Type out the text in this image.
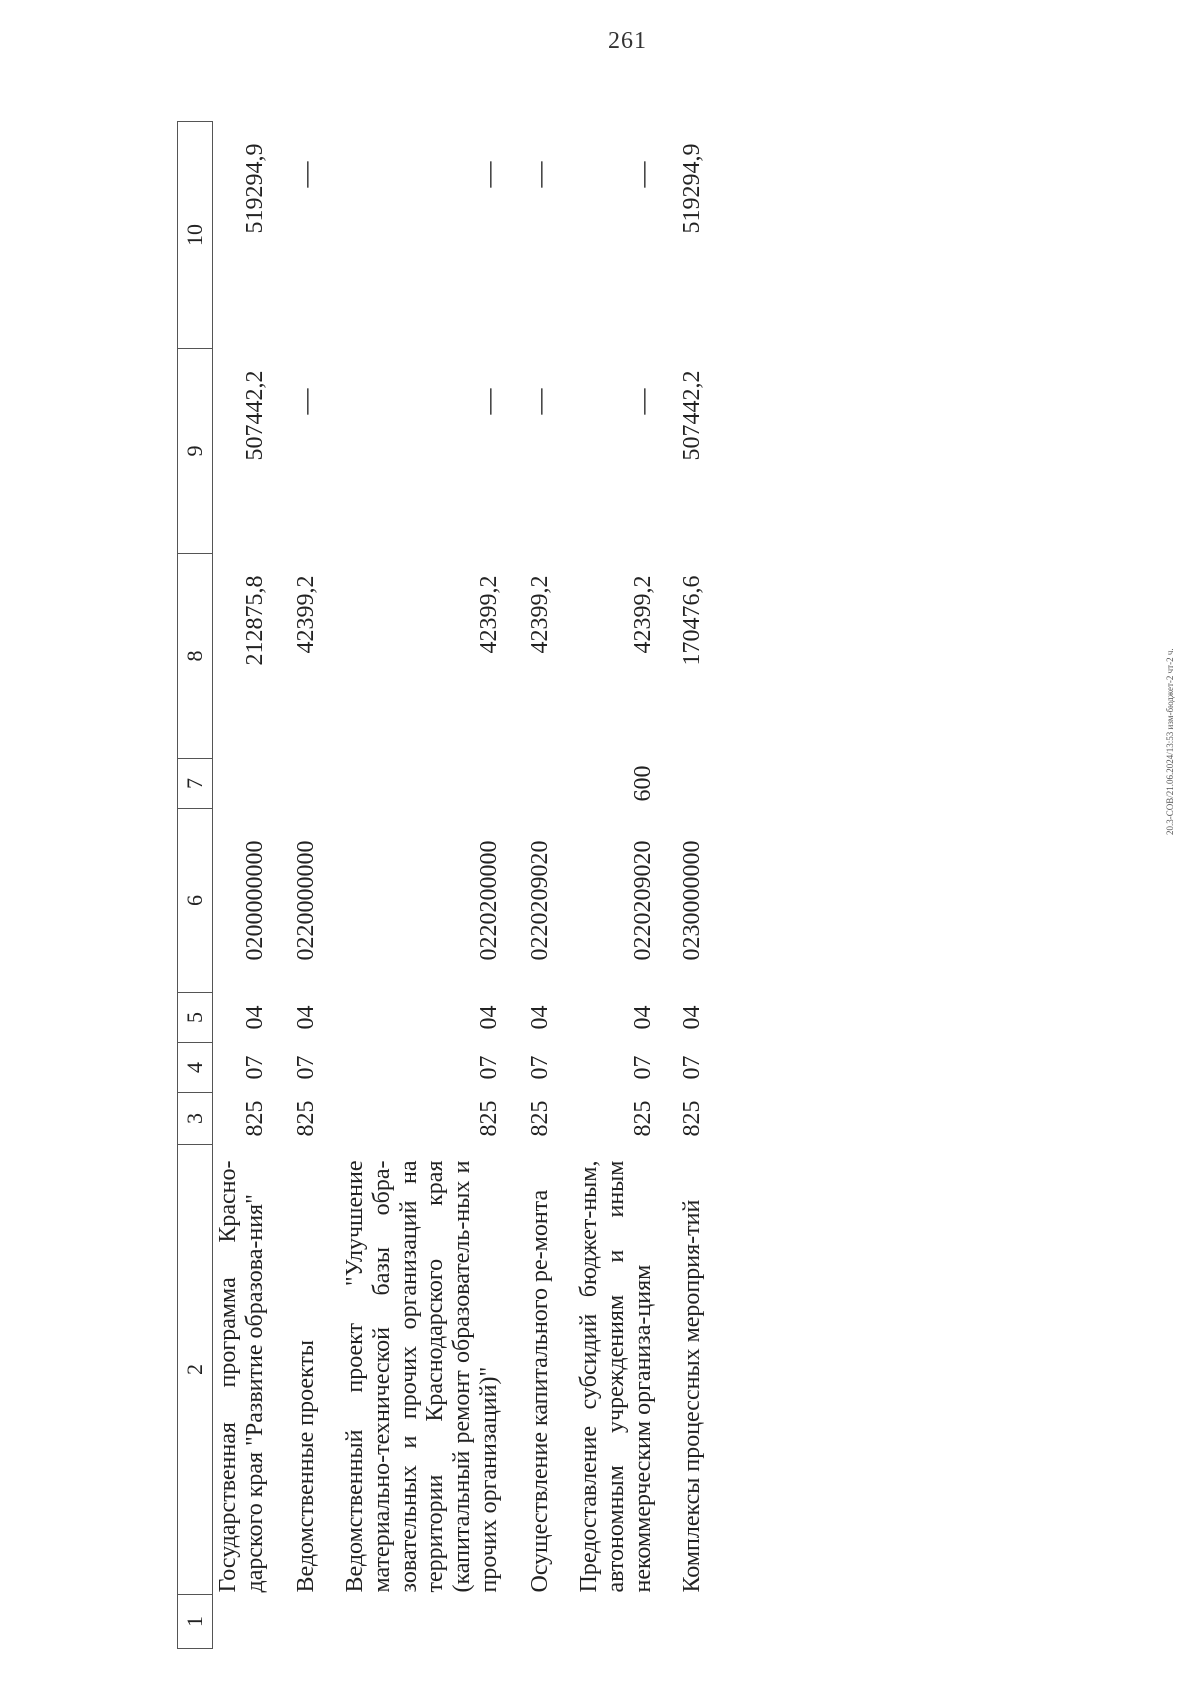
261
20.3-СОВ/21.06.2024/13:53 изм-бюджет-2 чт-2 ч.
1	2	3	4	5	6	7	8	9	10
	Государственная программа Красно-дарского края "Развитие образова-ния"	825	07	04	0200000000		212875,8	507442,2	519294,9
	Ведомственные проекты	825	07	04	0220000000		42399,2	—	—
	Ведомственный проект "Улучшение материально-технической базы обра-зовательных и прочих организаций на территории Краснодарского края (капитальный ремонт образователь-ных и прочих организаций)"	825	07	04	0220200000		42399,2	—	—
	Осуществление капитального ре-монта	825	07	04	0220209020		42399,2	—	—
	Предоставление субсидий бюджет-ным, автономным учреждениям и иным некоммерческим организа-циям	825	07	04	0220209020	600	42399,2	—	—
	Комплексы процессных мероприя-тий	825	07	04	0230000000		170476,6	507442,2	519294,9
